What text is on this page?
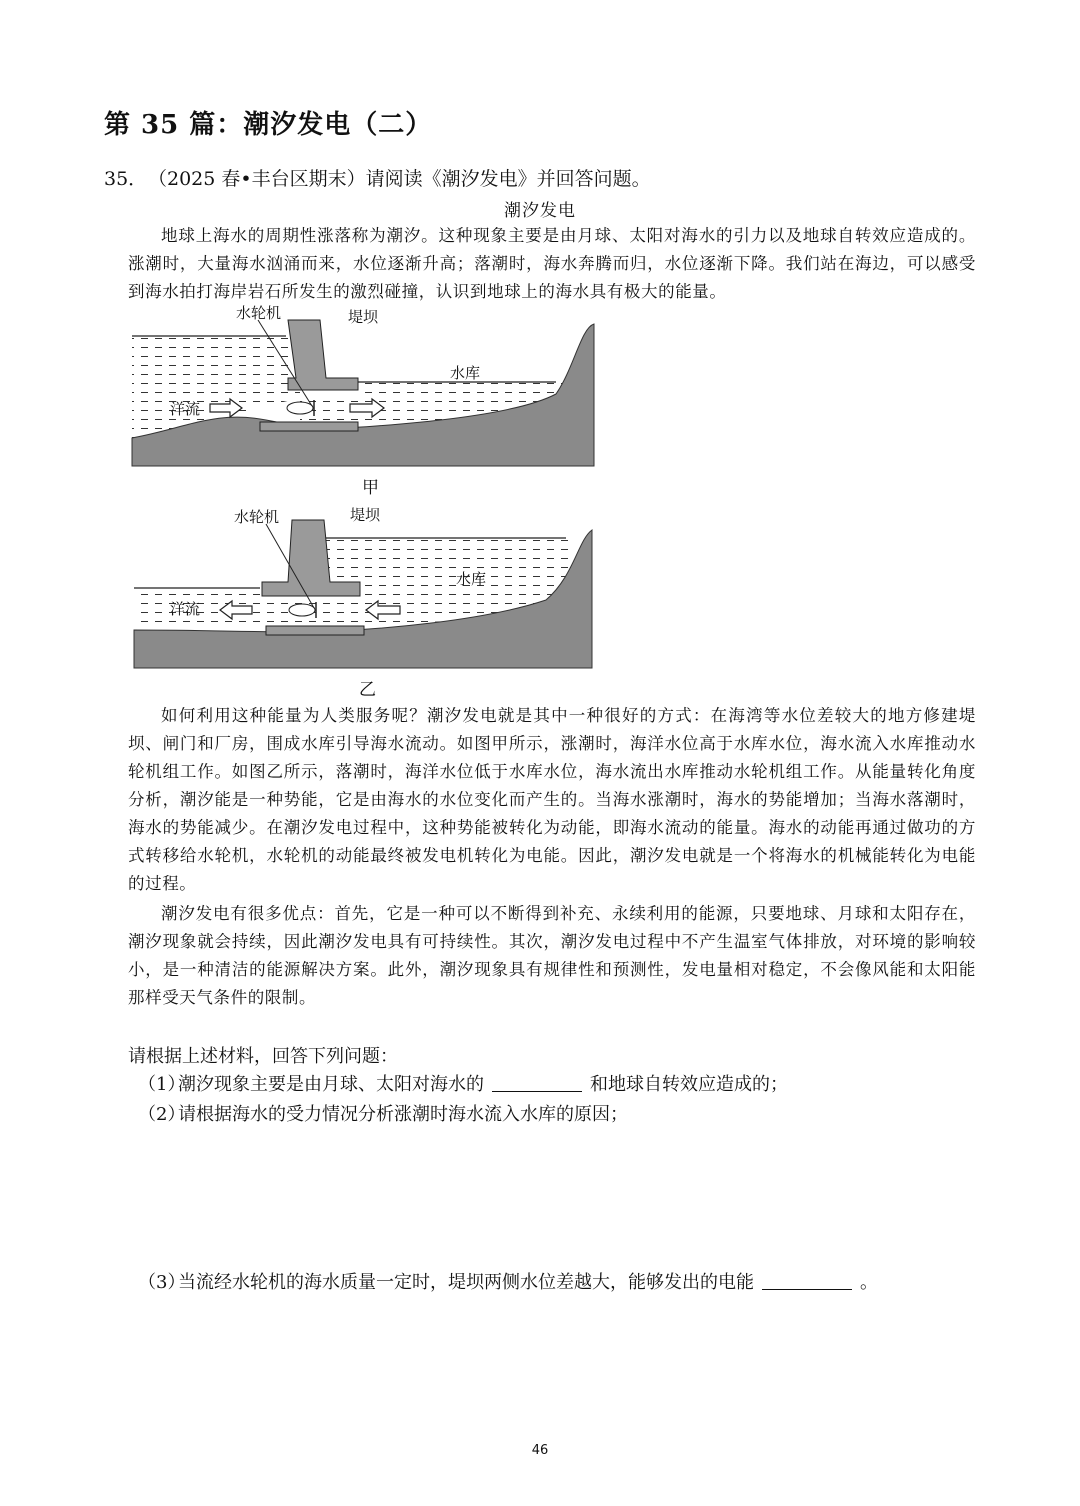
第 35 篇：潮汐发电（二）
35．（2025 春•丰台区期末）请阅读《潮汐发电》并回答问题。
潮汐发电

地球上海水的周期性涨落称为潮汐。这种现象主要是由月球、太阳对海水的引力以及地球自转效应造成的。涨潮时，大量海水汹涌而来，水位逐渐升高；落潮时，海水奔腾而归，水位逐渐下降。我们站在海边，可以感受到海水拍打海岸岩石所发生的激烈碰撞，认识到地球上的海水具有极大的能量。

水轮机	堤坝
水库
洋流
甲
水轮机	堤坝
水库
洋流
乙

如何利用这种能量为人类服务呢？潮汐发电就是其中一种很好的方式：在海湾等水位差较大的地方修建堤坝、闸门和厂房，围成水库引导海水流动。如图甲所示，涨潮时，海洋水位高于水库水位，海水流入水库推动水轮机组工作。如图乙所示，落潮时，海洋水位低于水库水位，海水流出水库推动水轮机组工作。从能量转化角度分析，潮汐能是一种势能，它是由海水的水位变化而产生的。当海水涨潮时，海水的势能增加；当海水落潮时，海水的势能减少。在潮汐发电过程中，这种势能被转化为动能，即海水流动的能量。海水的动能再通过做功的方式转移给水轮机，水轮机的动能最终被发电机转化为电能。因此，潮汐发电就是一个将海水的机械能转化为电能的过程。

潮汐发电有很多优点：首先，它是一种可以不断得到补充、永续利用的能源，只要地球、月球和太阳存在，潮汐现象就会持续，因此潮汐发电具有可持续性。其次，潮汐发电过程中不产生温室气体排放，对环境的影响较小，是一种清洁的能源解决方案。此外，潮汐现象具有规律性和预测性，发电量相对稳定，不会像风能和太阳能那样受天气条件的限制。

请根据上述材料，回答下列问题：
（1）潮汐现象主要是由月球、太阳对海水的	和地球自转效应造成的；
（2）请根据海水的受力情况分析涨潮时海水流入水库的原因；
（3）当流经水轮机的海水质量一定时，堤坝两侧水位差越大，能够发出的电能	。
46
